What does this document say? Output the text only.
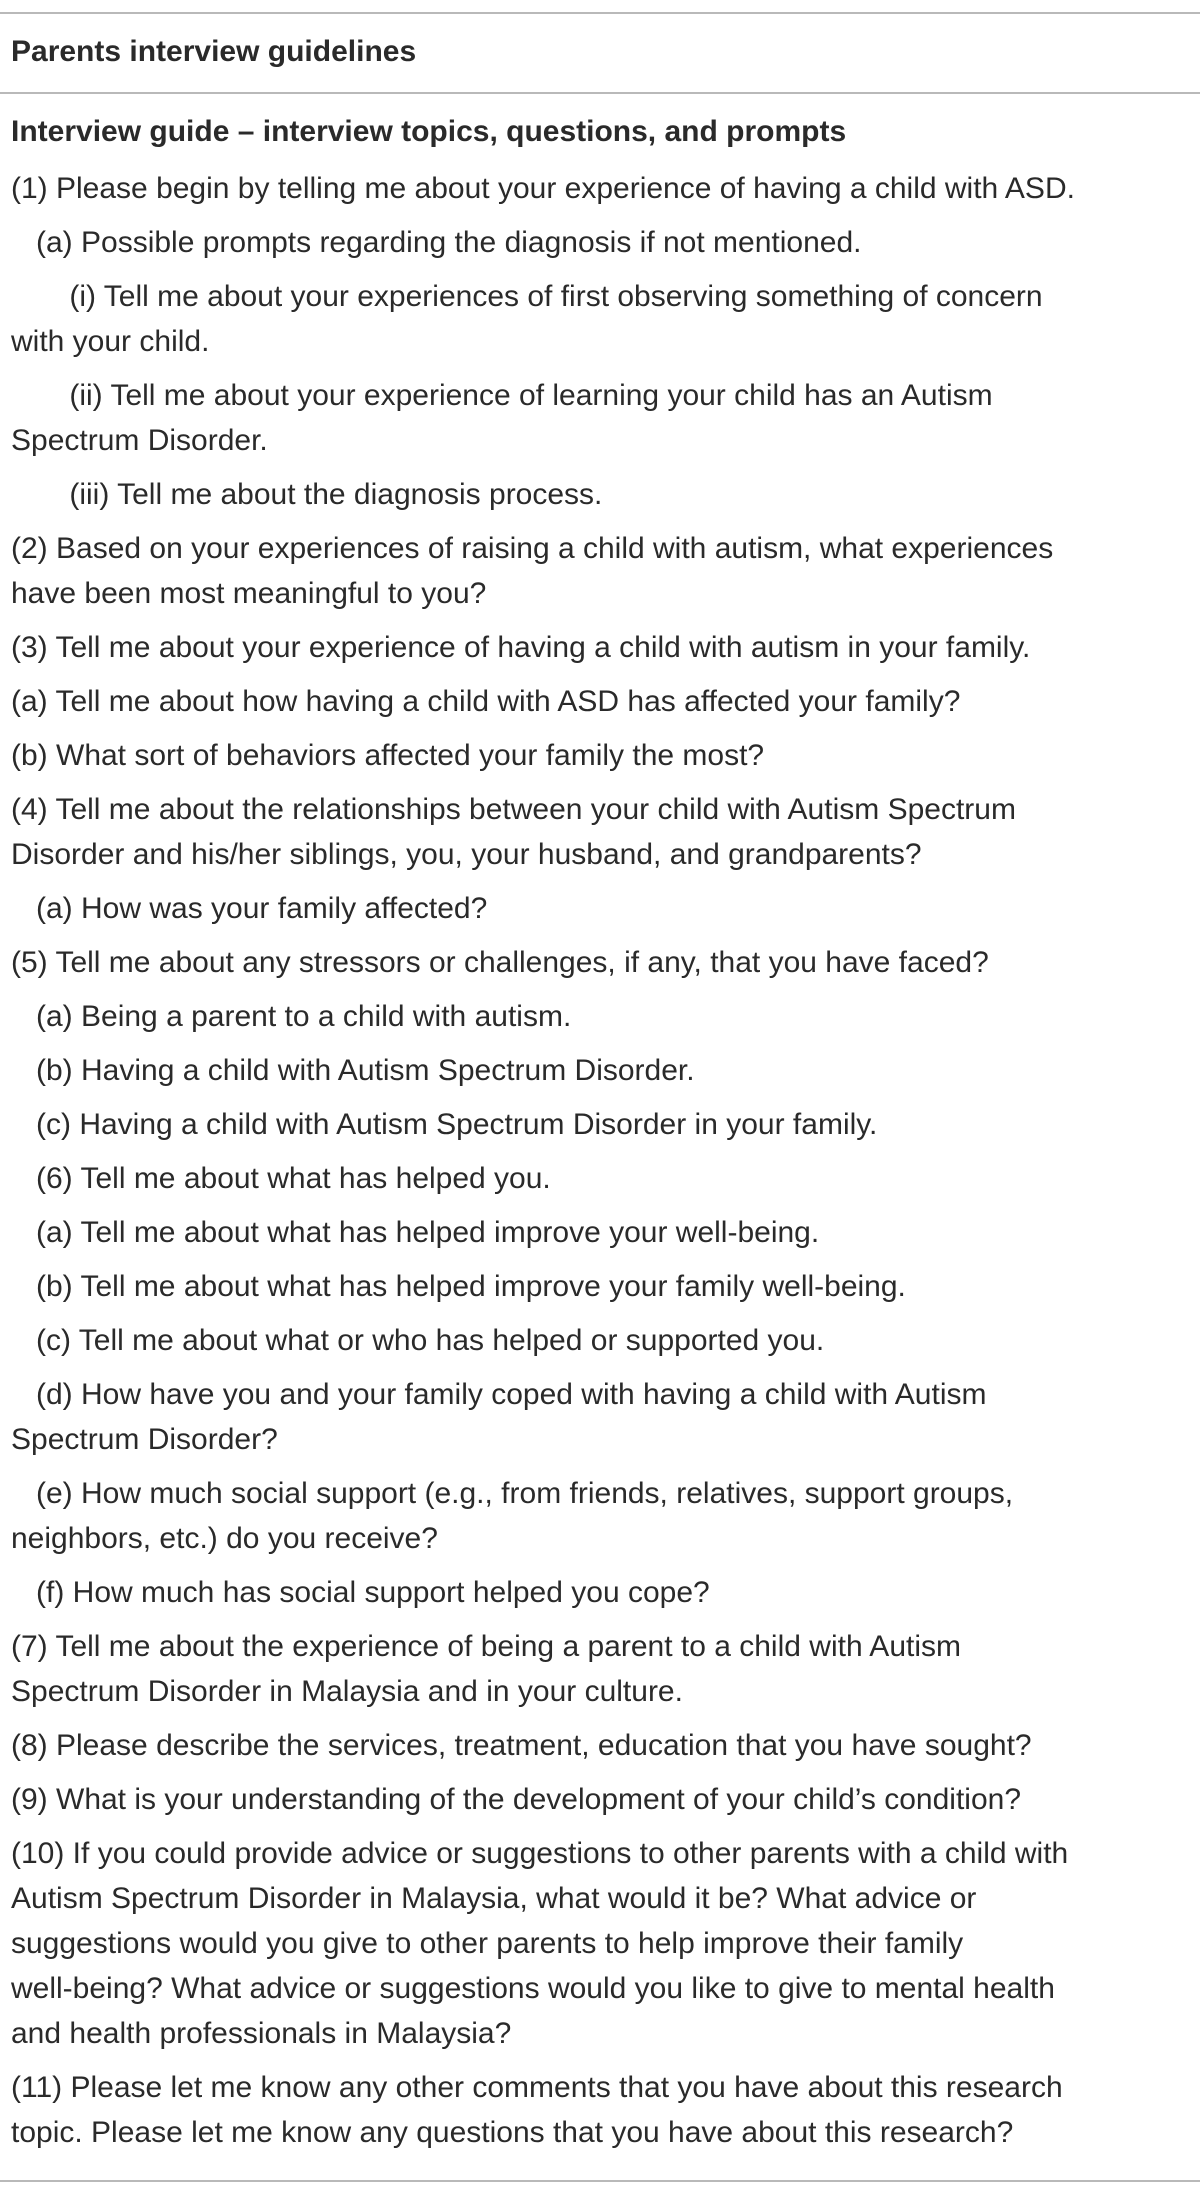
Parents interview guidelines
Interview guide – interview topics, questions, and prompts
(1) Please begin by telling me about your experience of having a child with ASD.
(a) Possible prompts regarding the diagnosis if not mentioned.
(i) Tell me about your experiences of first observing something of concern
with your child.
(ii) Tell me about your experience of learning your child has an Autism
Spectrum Disorder.
(iii) Tell me about the diagnosis process.
(2) Based on your experiences of raising a child with autism, what experiences
have been most meaningful to you?
(3) Tell me about your experience of having a child with autism in your family.
(a) Tell me about how having a child with ASD has affected your family?
(b) What sort of behaviors affected your family the most?
(4) Tell me about the relationships between your child with Autism Spectrum
Disorder and his/her siblings, you, your husband, and grandparents?
(a) How was your family affected?
(5) Tell me about any stressors or challenges, if any, that you have faced?
(a) Being a parent to a child with autism.
(b) Having a child with Autism Spectrum Disorder.
(c) Having a child with Autism Spectrum Disorder in your family.
(6) Tell me about what has helped you.
(a) Tell me about what has helped improve your well-being.
(b) Tell me about what has helped improve your family well-being.
(c) Tell me about what or who has helped or supported you.
(d) How have you and your family coped with having a child with Autism
Spectrum Disorder?
(e) How much social support (e.g., from friends, relatives, support groups,
neighbors, etc.) do you receive?
(f) How much has social support helped you cope?
(7) Tell me about the experience of being a parent to a child with Autism
Spectrum Disorder in Malaysia and in your culture.
(8) Please describe the services, treatment, education that you have sought?
(9) What is your understanding of the development of your child’s condition?
(10) If you could provide advice or suggestions to other parents with a child with
Autism Spectrum Disorder in Malaysia, what would it be? What advice or
suggestions would you give to other parents to help improve their family
well-being? What advice or suggestions would you like to give to mental health
and health professionals in Malaysia?
(11) Please let me know any other comments that you have about this research
topic. Please let me know any questions that you have about this research?
